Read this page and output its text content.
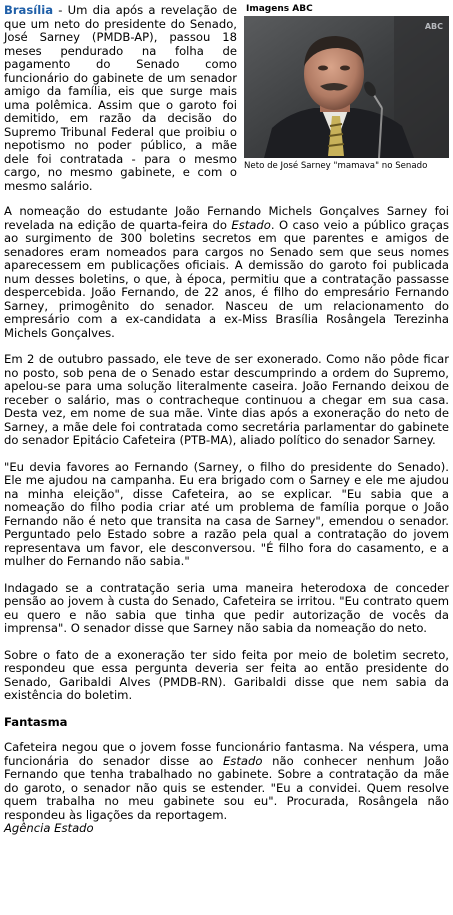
Imagens ABC
ABC
Neto de José Sarney "mamava" no Senado

Brasília - Um dia após a revelação de que um neto do presidente do Senado, José Sarney (PMDB-AP), passou 18 meses pendurado na folha de pagamento do Senado como funcionário do gabinete de um senador amigo da família, eis que surge mais uma polêmica. Assim que o garoto foi demitido, em razão da decisão do Supremo Tribunal Federal que proibiu o nepotismo no poder público, a mãe dele foi contratada - para o mesmo cargo, no mesmo gabinete, e com o mesmo salário.

A nomeação do estudante João Fernando Michels Gonçalves Sarney foi revelada na edição de quarta-feira do Estado. O caso veio a público graças ao surgimento de 300 boletins secretos em que parentes e amigos de senadores eram nomeados para cargos no Senado sem que seus nomes aparecessem em publicações oficiais. A demissão do garoto foi publicada num desses boletins, o que, à época, permitiu que a contratação passasse despercebida. João Fernando, de 22 anos, é filho do empresário Fernando Sarney, primogênito do senador. Nasceu de um relacionamento do empresário com a ex-candidata a ex-Miss Brasília Rosângela Terezinha Michels Gonçalves.

Em 2 de outubro passado, ele teve de ser exonerado. Como não pôde ficar no posto, sob pena de o Senado estar descumprindo a ordem do Supremo, apelou-se para uma solução literalmente caseira. João Fernando deixou de receber o salário, mas o contracheque continuou a chegar em sua casa. Desta vez, em nome de sua mãe. Vinte dias após a exoneração do neto de Sarney, a mãe dele foi contratada como secretária parlamentar do gabinete do senador Epitácio Cafeteira (PTB-MA), aliado político do senador Sarney.

"Eu devia favores ao Fernando (Sarney, o filho do presidente do Senado). Ele me ajudou na campanha. Eu era brigado com o Sarney e ele me ajudou na minha eleição", disse Cafeteira, ao se explicar. "Eu sabia que a nomeação do filho podia criar até um problema de família porque o João Fernando não é neto que transita na casa de Sarney", emendou o senador. Perguntado pelo Estado sobre a razão pela qual a contratação do jovem representava um favor, ele desconversou. "É filho fora do casamento, e a mulher do Fernando não sabia."

Indagado se a contratação seria uma maneira heterodoxa de conceder pensão ao jovem à custa do Senado, Cafeteira se irritou. "Eu contrato quem eu quero e não sabia que tinha que pedir autorização de vocês da imprensa". O senador disse que Sarney não sabia da nomeação do neto.

Sobre o fato de a exoneração ter sido feita por meio de boletim secreto, respondeu que essa pergunta deveria ser feita ao então presidente do Senado, Garibaldi Alves (PMDB-RN). Garibaldi disse que nem sabia da existência do boletim.

Fantasma

Cafeteira negou que o jovem fosse funcionário fantasma. Na véspera, uma funcionária do senador disse ao Estado não conhecer nenhum João Fernando que tenha trabalhado no gabinete. Sobre a contratação da mãe do garoto, o senador não quis se estender. "Eu a convidei. Quem resolve quem trabalha no meu gabinete sou eu". Procurada, Rosângela não respondeu às ligações da reportagem.

Agência Estado
